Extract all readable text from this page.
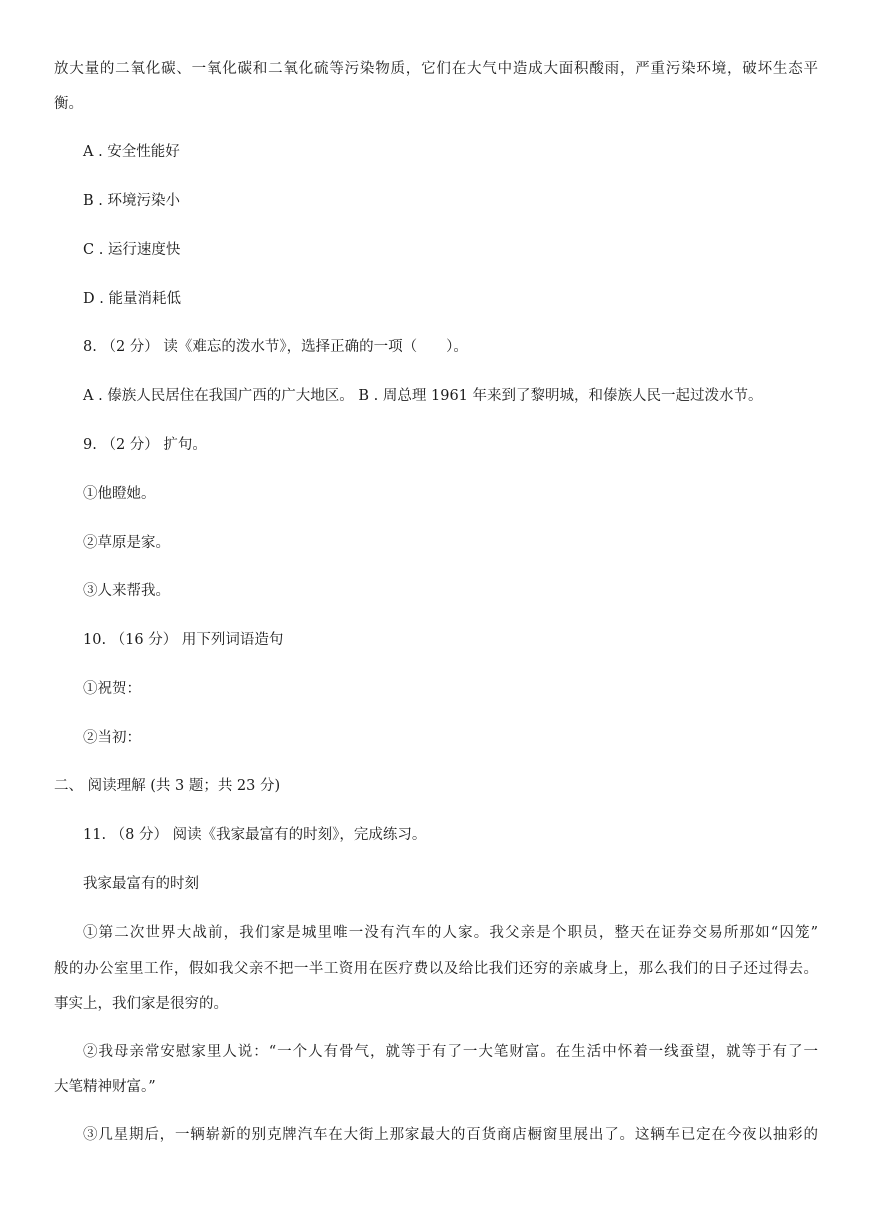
放大量的二氧化碳、一氧化碳和二氧化硫等污染物质，它们在大气中造成大面积酸雨，严重污染环境，破坏生态平

衡。

A . 安全性能好

B . 环境污染小

C . 运行速度快

D . 能量消耗低

8. （2 分） 读《难忘的泼水节》，选择正确的一项（　　）。

A . 傣族人民居住在我国广西的广大地区。 B . 周总理 1961 年来到了黎明城，和傣族人民一起过泼水节。

9. （2 分） 扩句。

①他瞪她。

②草原是家。

③人来帮我。

10. （16 分） 用下列词语造句

①祝贺：

②当初：

二、 阅读理解 (共 3 题；共 23 分)

11. （8 分） 阅读《我家最富有的时刻》，完成练习。

我家最富有的时刻

①第二次世界大战前，我们家是城里唯一没有汽车的人家。我父亲是个职员，整天在证券交易所那如“囚笼”

般的办公室里工作，假如我父亲不把一半工资用在医疗费以及给比我们还穷的亲戚身上，那么我们的日子还过得去。

事实上，我们家是很穷的。

②我母亲常安慰家里人说：“一个人有骨气，就等于有了一大笔财富。在生活中怀着一线蚕望，就等于有了一

大笔精神财富。”

③几星期后，一辆崭新的别克牌汽车在大街上那家最大的百货商店橱窗里展出了。这辆车已定在今夜以抽彩的
